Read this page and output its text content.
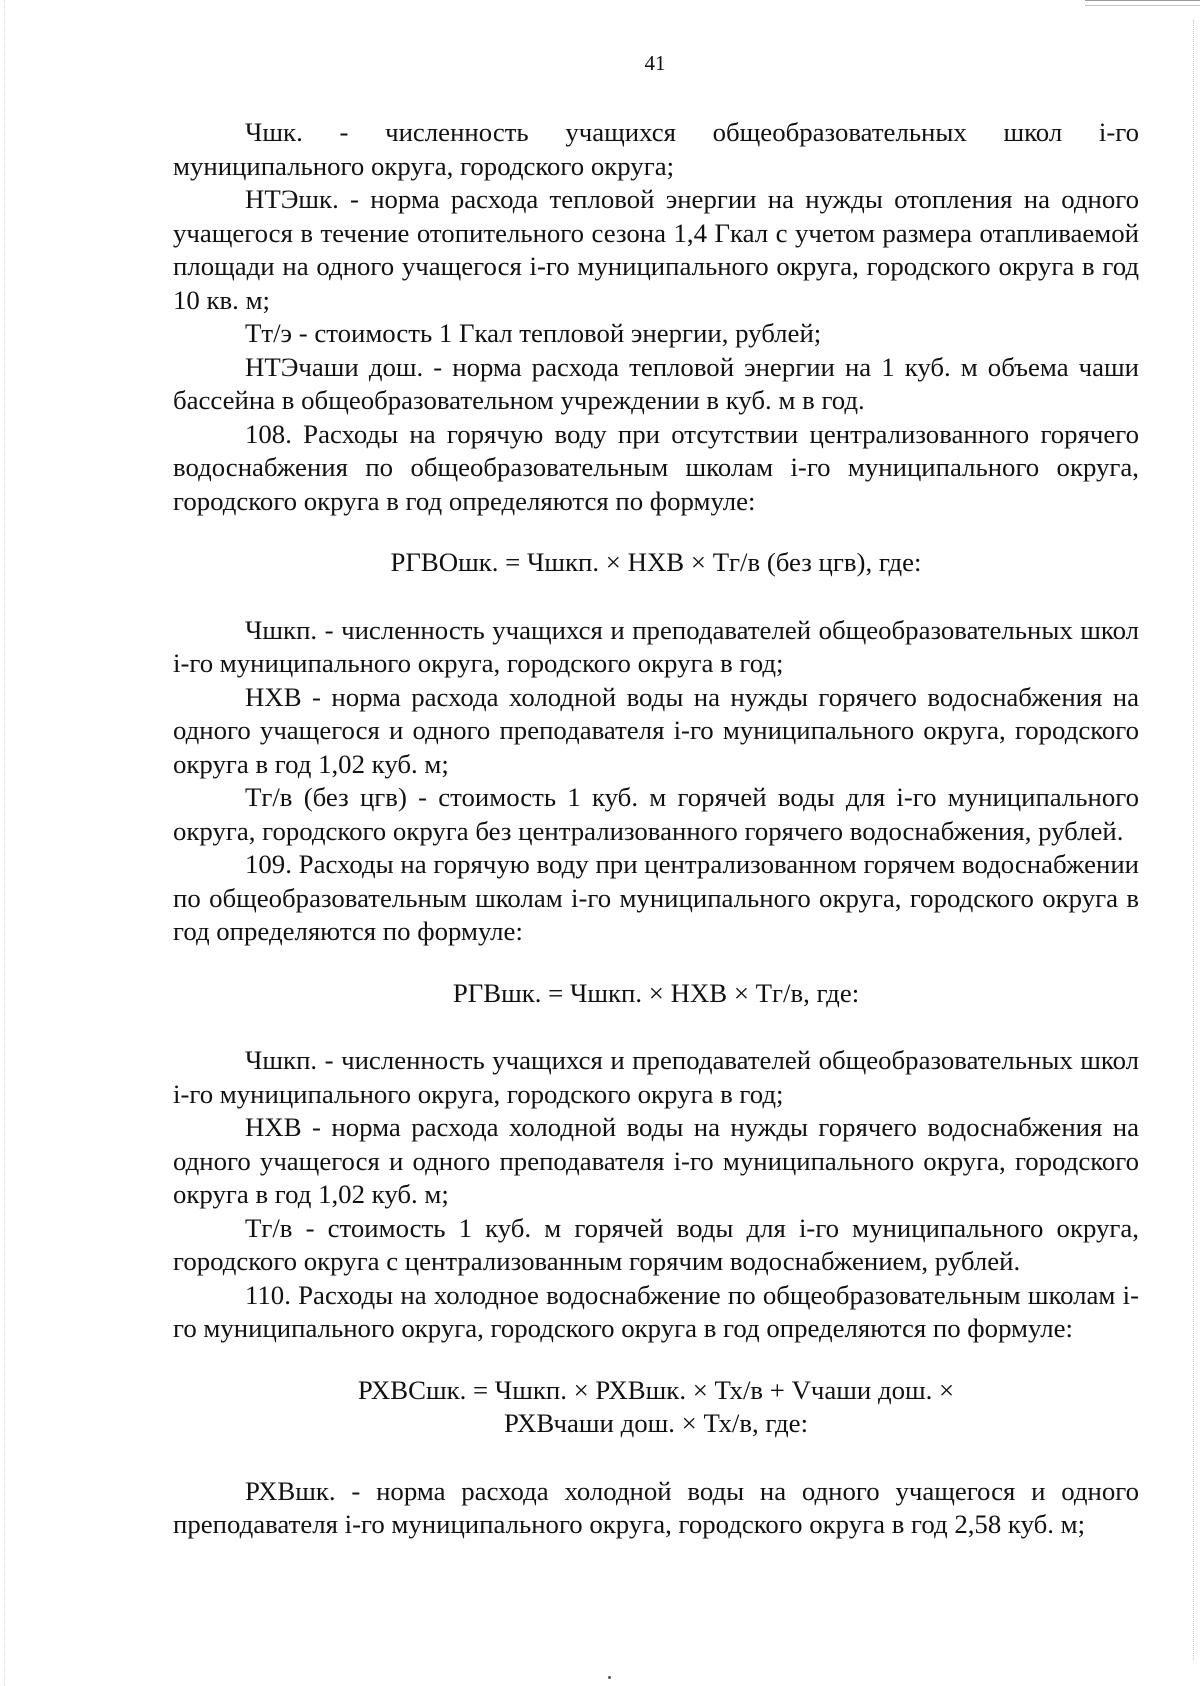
41

Чшк. - численность учащихся общеобразовательных школ i-го муниципального округа, городского округа;

НТЭшк. - норма расхода тепловой энергии на нужды отопления на одного учащегося в течение отопительного сезона 1,4 Гкал с учетом размера отапливаемой площади на одного учащегося i-го муниципального округа, городского округа в год 10 кв. м;

Тт/э - стоимость 1 Гкал тепловой энергии, рублей;

НТЭчаши дош. - норма расхода тепловой энергии на 1 куб. м объема чаши бассейна в общеобразовательном учреждении в куб. м в год.

108. Расходы на горячую воду при отсутствии централизованного горячего водоснабжения по общеобразовательным школам i-го муниципального округа, городского округа в год определяются по формуле:

РГВОшк. = Чшкп. × НХВ × Тг/в (без цгв), где:

Чшкп. - численность учащихся и преподавателей общеобразовательных школ i-го муниципального округа, городского округа в год;

НХВ - норма расхода холодной воды на нужды горячего водоснабжения на одного учащегося и одного преподавателя i-го муниципального округа, городского округа в год 1,02 куб. м;

Тг/в (без цгв) - стоимость 1 куб. м горячей воды для i-го муниципального округа, городского округа без централизованного горячего водоснабжения, рублей.

109. Расходы на горячую воду при централизованном горячем водоснабжении по общеобразовательным школам i-го муниципального округа, городского округа в год определяются по формуле:

РГВшк. = Чшкп. × НХВ × Тг/в, где:

Чшкп. - численность учащихся и преподавателей общеобразовательных школ i-го муниципального округа, городского округа в год;

НХВ - норма расхода холодной воды на нужды горячего водоснабжения на одного учащегося и одного преподавателя i-го муниципального округа, городского округа в год 1,02 куб. м;

Тг/в - стоимость 1 куб. м горячей воды для i-го муниципального округа, городского округа с централизованным горячим водоснабжением, рублей.

110. Расходы на холодное водоснабжение по общеобразовательным школам i-го муниципального округа, городского округа в год определяются по формуле:

РХВСшк. = Чшкп. × РХВшк. × Тх/в + Vчаши дош. ×
РХВчаши дош. × Тх/в, где:

РХВшк. - норма расхода холодной воды на одного учащегося и одного преподавателя i-го муниципального округа, городского округа в год 2,58 куб. м;
